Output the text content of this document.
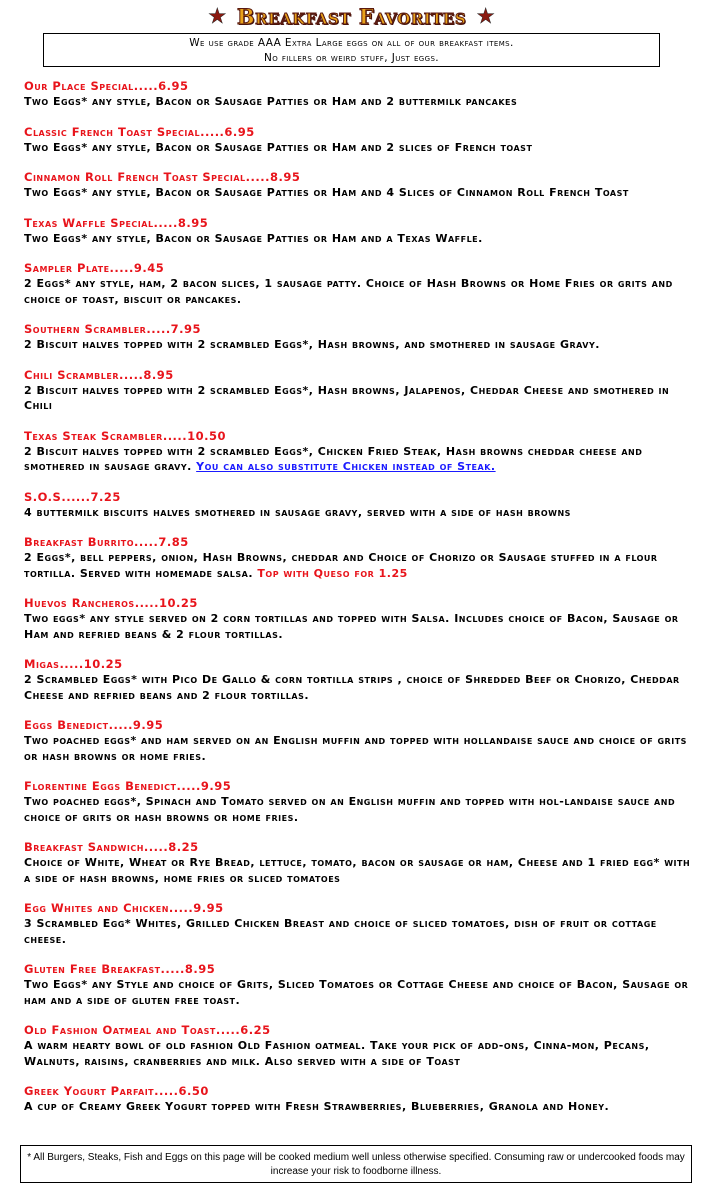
★ Breakfast Favorites ★
We use grade AAA Extra Large eggs on all of our breakfast items.
No fillers or weird stuff, Just eggs.
Our Place Special.....6.95
Two Eggs* any style, Bacon or Sausage Patties or Ham and 2 buttermilk pancakes
Classic French Toast Special.....6.95
Two Eggs* any style, Bacon or Sausage Patties or Ham and 2 slices of French toast
Cinnamon Roll French Toast Special.....8.95
Two Eggs* any style, Bacon or Sausage Patties or Ham and 4 Slices of Cinnamon Roll French Toast
Texas Waffle Special.....8.95
Two Eggs* any style, Bacon or Sausage Patties or Ham and a Texas Waffle.
Sampler Plate.....9.45
2 Eggs* any style, ham, 2 bacon slices, 1 sausage patty. Choice of Hash Browns or Home Fries or grits and choice of toast, biscuit or pancakes.
Southern Scrambler.....7.95
2 Biscuit halves topped with 2 scrambled Eggs*, Hash browns, and smothered in sausage Gravy.
Chili Scrambler.....8.95
2 Biscuit halves topped with 2 scrambled Eggs*, Hash browns, Jalapenos, Cheddar Cheese and smothered in Chili
Texas Steak Scrambler.....10.50
2 Biscuit halves topped with 2 scrambled Eggs*, Chicken Fried Steak, Hash browns cheddar cheese and smothered in sausage gravy. You can also substitute Chicken instead of Steak.
S.O.S......7.25
4 buttermilk biscuits halves smothered in sausage gravy, served with a side of hash browns
Breakfast Burrito.....7.85
2 Eggs*, bell peppers, onion, Hash Browns, cheddar and Choice of Chorizo or Sausage stuffed in a flour tortilla. Served with homemade salsa. Top with Queso for 1.25
Huevos Rancheros.....10.25
Two eggs* any style served on 2 corn tortillas and topped with Salsa. Includes choice of Bacon, Sausage or Ham and refried beans & 2 flour tortillas.
Migas.....10.25
2 Scrambled Eggs* with Pico De Gallo & corn tortilla strips , choice of Shredded Beef or Chorizo, Cheddar Cheese and refried beans and 2 flour tortillas.
Eggs Benedict.....9.95
Two poached eggs* and ham served on an English muffin and topped with hollandaise sauce and choice of grits or hash browns or home fries.
Florentine Eggs Benedict.....9.95
Two poached eggs*, Spinach and Tomato served on an English muffin and topped with hol-landaise sauce and choice of grits or hash browns or home fries.
Breakfast Sandwich.....8.25
Choice of White, Wheat or Rye Bread, lettuce, tomato, bacon or sausage or ham, Cheese and 1 fried egg* with a side of hash browns, home fries or sliced tomatoes
Egg Whites and Chicken.....9.95
3 Scrambled Egg* Whites, Grilled Chicken Breast and choice of sliced tomatoes, dish of fruit or cottage cheese.
Gluten Free Breakfast.....8.95
Two Eggs* any Style and choice of Grits, Sliced Tomatoes or Cottage Cheese and choice of Bacon, Sausage or ham and a side of gluten free toast.
Old Fashion Oatmeal and Toast.....6.25
A warm hearty bowl of old fashion Old Fashion oatmeal. Take your pick of add-ons, Cinna-mon, Pecans, Walnuts, raisins, cranberries and milk. Also served with a side of Toast
Greek Yogurt Parfait.....6.50
A cup of Creamy Greek Yogurt topped with Fresh Strawberries, Blueberries, Granola and Honey.
* All Burgers, Steaks, Fish and Eggs on this page will be cooked medium well unless otherwise specified. Consuming raw or undercooked foods may increase your risk to foodborne illness.
